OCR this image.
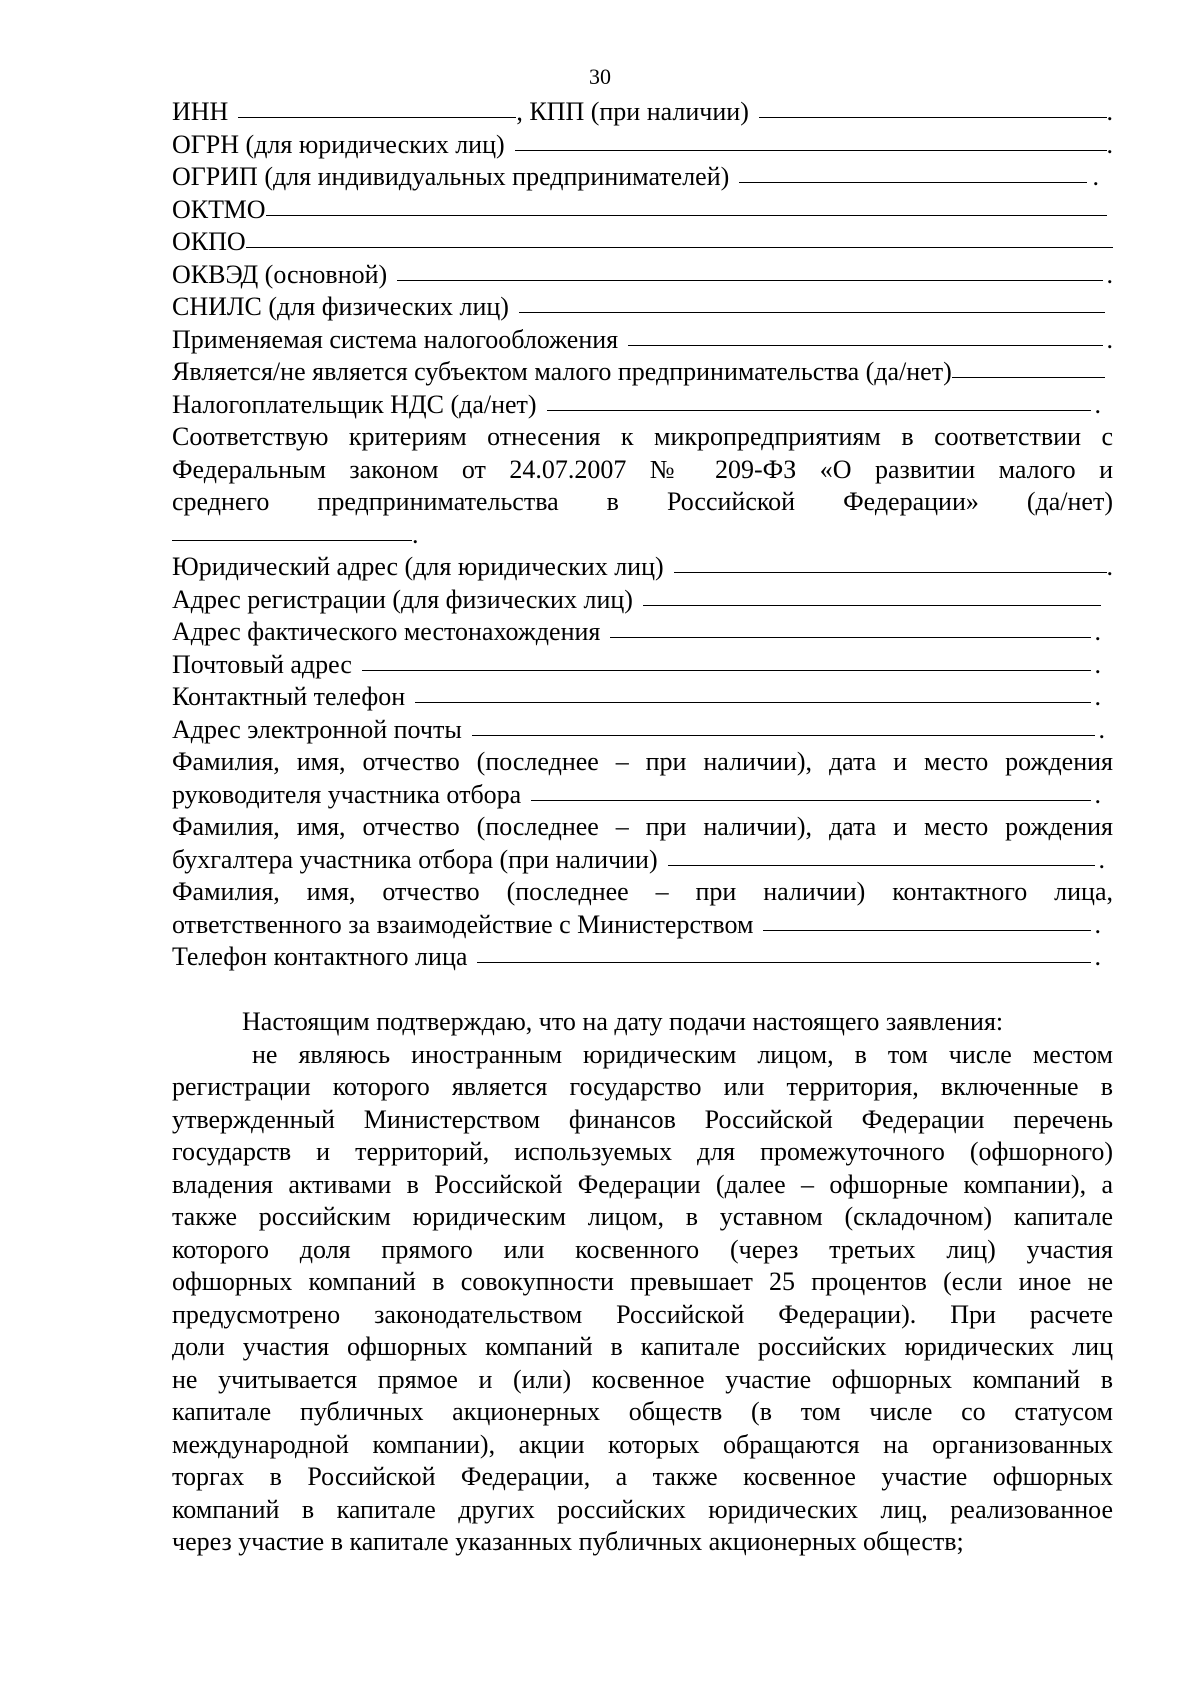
30
ИНН	, КПП (при наличии)	.
ОГРН (для юридических лиц)	.
ОГРИП (для индивидуальных предпринимателей)	.
ОКТМО
ОКПО
ОКВЭД (основной)	.
СНИЛС (для физических лиц)
Применяемая система налогообложения	.
Является/не является субъектом малого предпринимательства (да/нет)
Налогоплательщик НДС (да/нет)	.
Соответствую критериям отнесения к микропредприятиям в соответствии с
Федеральным законом от 24.07.2007 № 209-ФЗ «О развитии малого и
среднего предпринимательства в Российской Федерации» (да/нет)
.
Юридический адрес (для юридических лиц)	.
Адрес регистрации (для физических лиц)
Адрес фактического местонахождения	.
Почтовый адрес	.
Контактный телефон	.
Адрес электронной почты	.
Фамилия, имя, отчество (последнее – при наличии), дата и место рождения
руководителя участника отбора	.
Фамилия, имя, отчество (последнее – при наличии), дата и место рождения
бухгалтера участника отбора (при наличии)	.
Фамилия, имя, отчество (последнее – при наличии) контактного лица,
ответственного за взаимодействие с Министерством	.
Телефон контактного лица	.
Настоящим подтверждаю, что на дату подачи настоящего заявления:
не являюсь иностранным юридическим лицом, в том числе местом
регистрации которого является государство или территория, включенные в
утвержденный Министерством финансов Российской Федерации перечень
государств и территорий, используемых для промежуточного (офшорного)
владения активами в Российской Федерации (далее – офшорные компании), а
также российским юридическим лицом, в уставном (складочном) капитале
которого доля прямого или косвенного (через третьих лиц) участия
офшорных компаний в совокупности превышает 25 процентов (если иное не
предусмотрено законодательством Российской Федерации). При расчете
доли участия офшорных компаний в капитале российских юридических лиц
не учитывается прямое и (или) косвенное участие офшорных компаний в
капитале публичных акционерных обществ (в том числе со статусом
международной компании), акции которых обращаются на организованных
торгах в Российской Федерации, а также косвенное участие офшорных
компаний в капитале других российских юридических лиц, реализованное
через участие в капитале указанных публичных акционерных обществ;
